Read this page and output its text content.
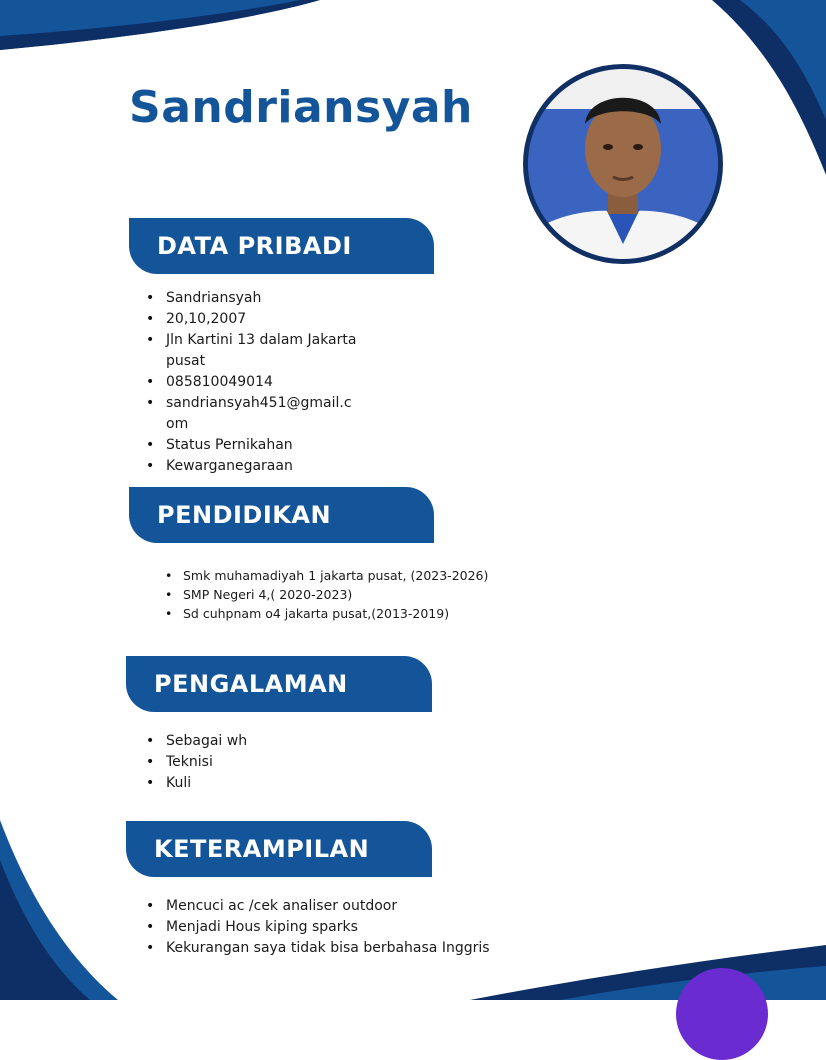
Sandriansyah
DATA PRIBADI
• Sandriansyah
• 20,10,2007
• Jln Kartini 13 dalam Jakarta pusat
• 085810049014
• sandriansyah451@gmail.com
• Status Pernikahan
• Kewarganegaraan
PENDIDIKAN
• Smk muhamadiyah 1 jakarta pusat, (2023-2026)
• SMP Negeri 4,( 2020-2023)
• Sd cuhpnam o4 jakarta pusat,(2013-2019)
PENGALAMAN
• Sebagai wh
• Teknisi
• Kuli
KETERAMPILAN
• Mencuci ac /cek analiser outdoor
• Menjadi Hous kiping sparks
• Kekurangan saya tidak bisa berbahasa Inggris
